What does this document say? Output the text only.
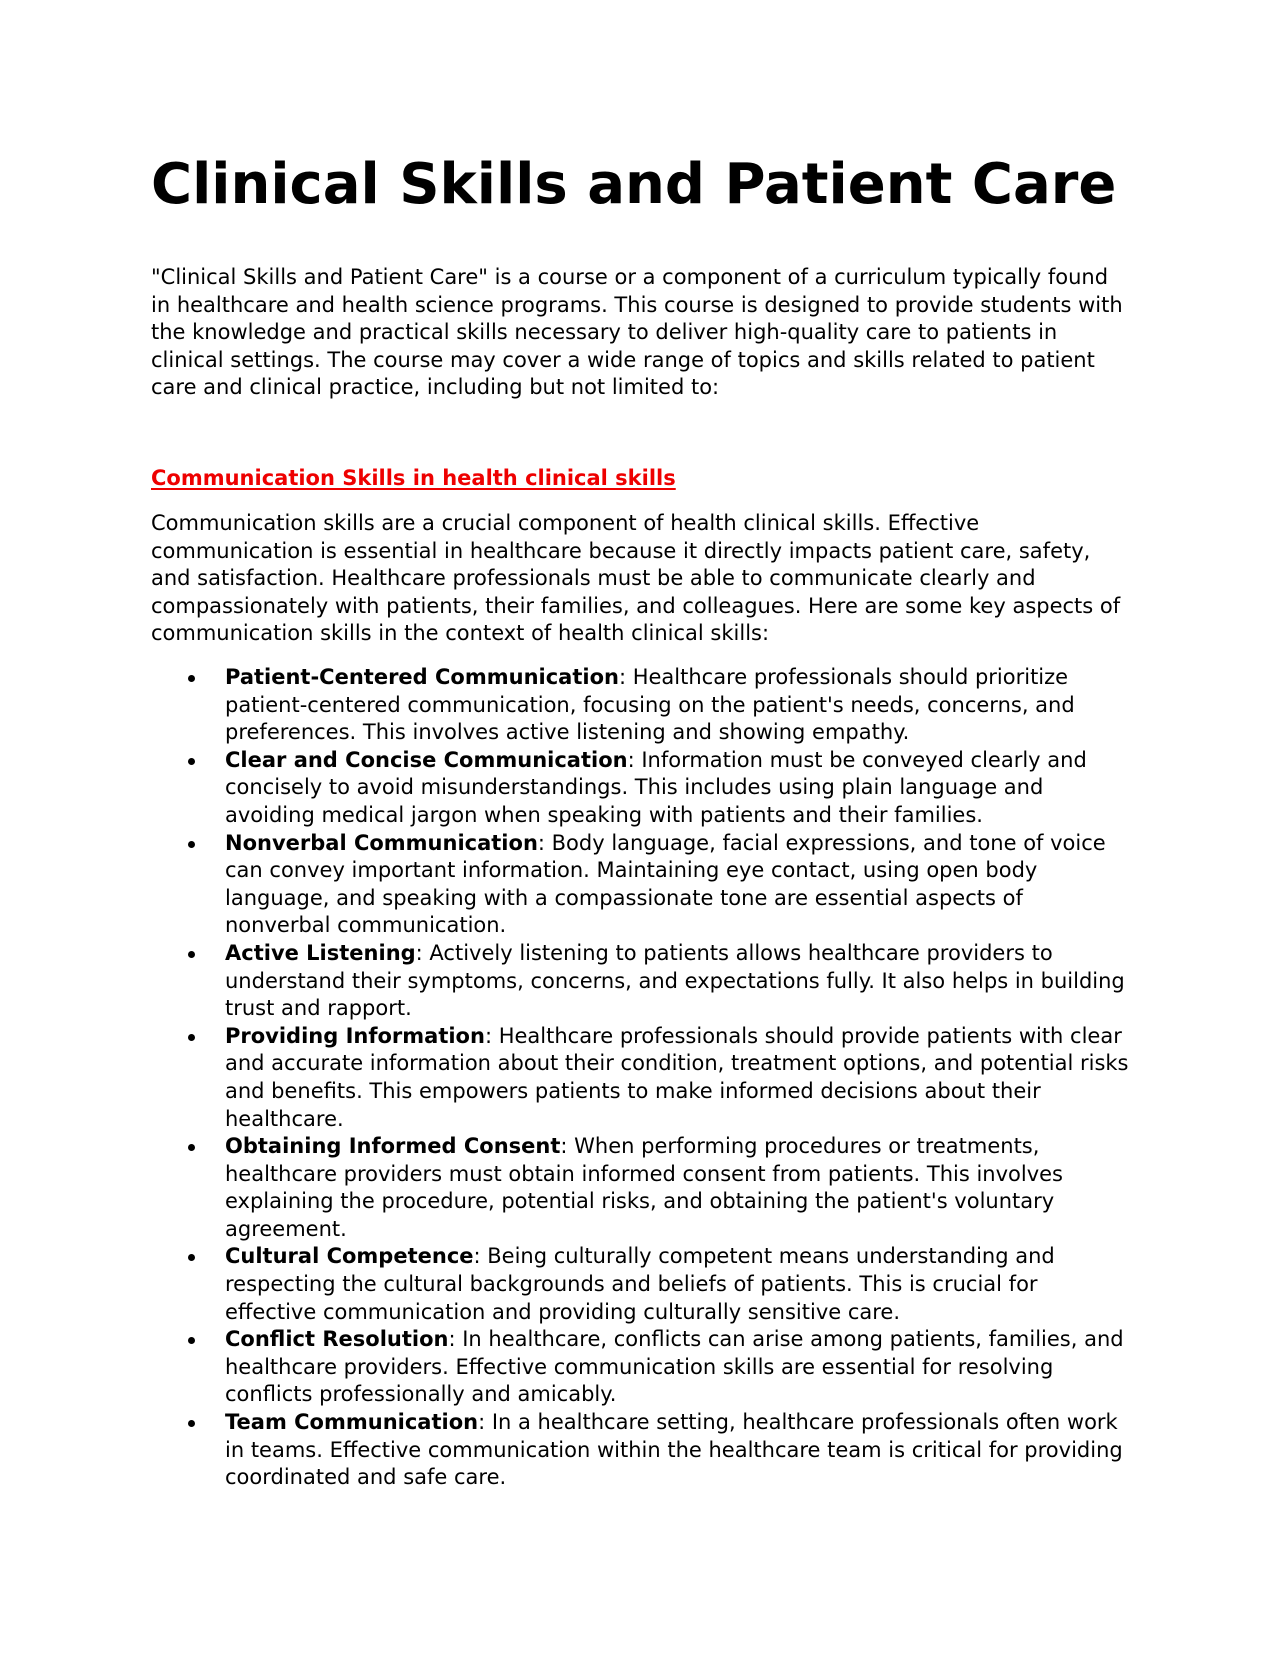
Clinical Skills and Patient Care

"Clinical Skills and Patient Care" is a course or a component of a curriculum typically found in healthcare and health science programs. This course is designed to provide students with the knowledge and practical skills necessary to deliver high-quality care to patients in clinical settings. The course may cover a wide range of topics and skills related to patient care and clinical practice, including but not limited to:

Communication Skills in health clinical skills

Communication skills are a crucial component of health clinical skills. Effective communication is essential in healthcare because it directly impacts patient care, safety, and satisfaction. Healthcare professionals must be able to communicate clearly and compassionately with patients, their families, and colleagues. Here are some key aspects of communication skills in the context of health clinical skills:

Patient-Centered Communication: Healthcare professionals should prioritize patient-centered communication, focusing on the patient's needs, concerns, and preferences. This involves active listening and showing empathy.
Clear and Concise Communication: Information must be conveyed clearly and concisely to avoid misunderstandings. This includes using plain language and avoiding medical jargon when speaking with patients and their families.
Nonverbal Communication: Body language, facial expressions, and tone of voice can convey important information. Maintaining eye contact, using open body language, and speaking with a compassionate tone are essential aspects of nonverbal communication.
Active Listening: Actively listening to patients allows healthcare providers to understand their symptoms, concerns, and expectations fully. It also helps in building trust and rapport.
Providing Information: Healthcare professionals should provide patients with clear and accurate information about their condition, treatment options, and potential risks and benefits. This empowers patients to make informed decisions about their healthcare.
Obtaining Informed Consent: When performing procedures or treatments, healthcare providers must obtain informed consent from patients. This involves explaining the procedure, potential risks, and obtaining the patient's voluntary agreement.
Cultural Competence: Being culturally competent means understanding and respecting the cultural backgrounds and beliefs of patients. This is crucial for effective communication and providing culturally sensitive care.
Conflict Resolution: In healthcare, conflicts can arise among patients, families, and healthcare providers. Effective communication skills are essential for resolving conflicts professionally and amicably.
Team Communication: In a healthcare setting, healthcare professionals often work in teams. Effective communication within the healthcare team is critical for providing coordinated and safe care.
